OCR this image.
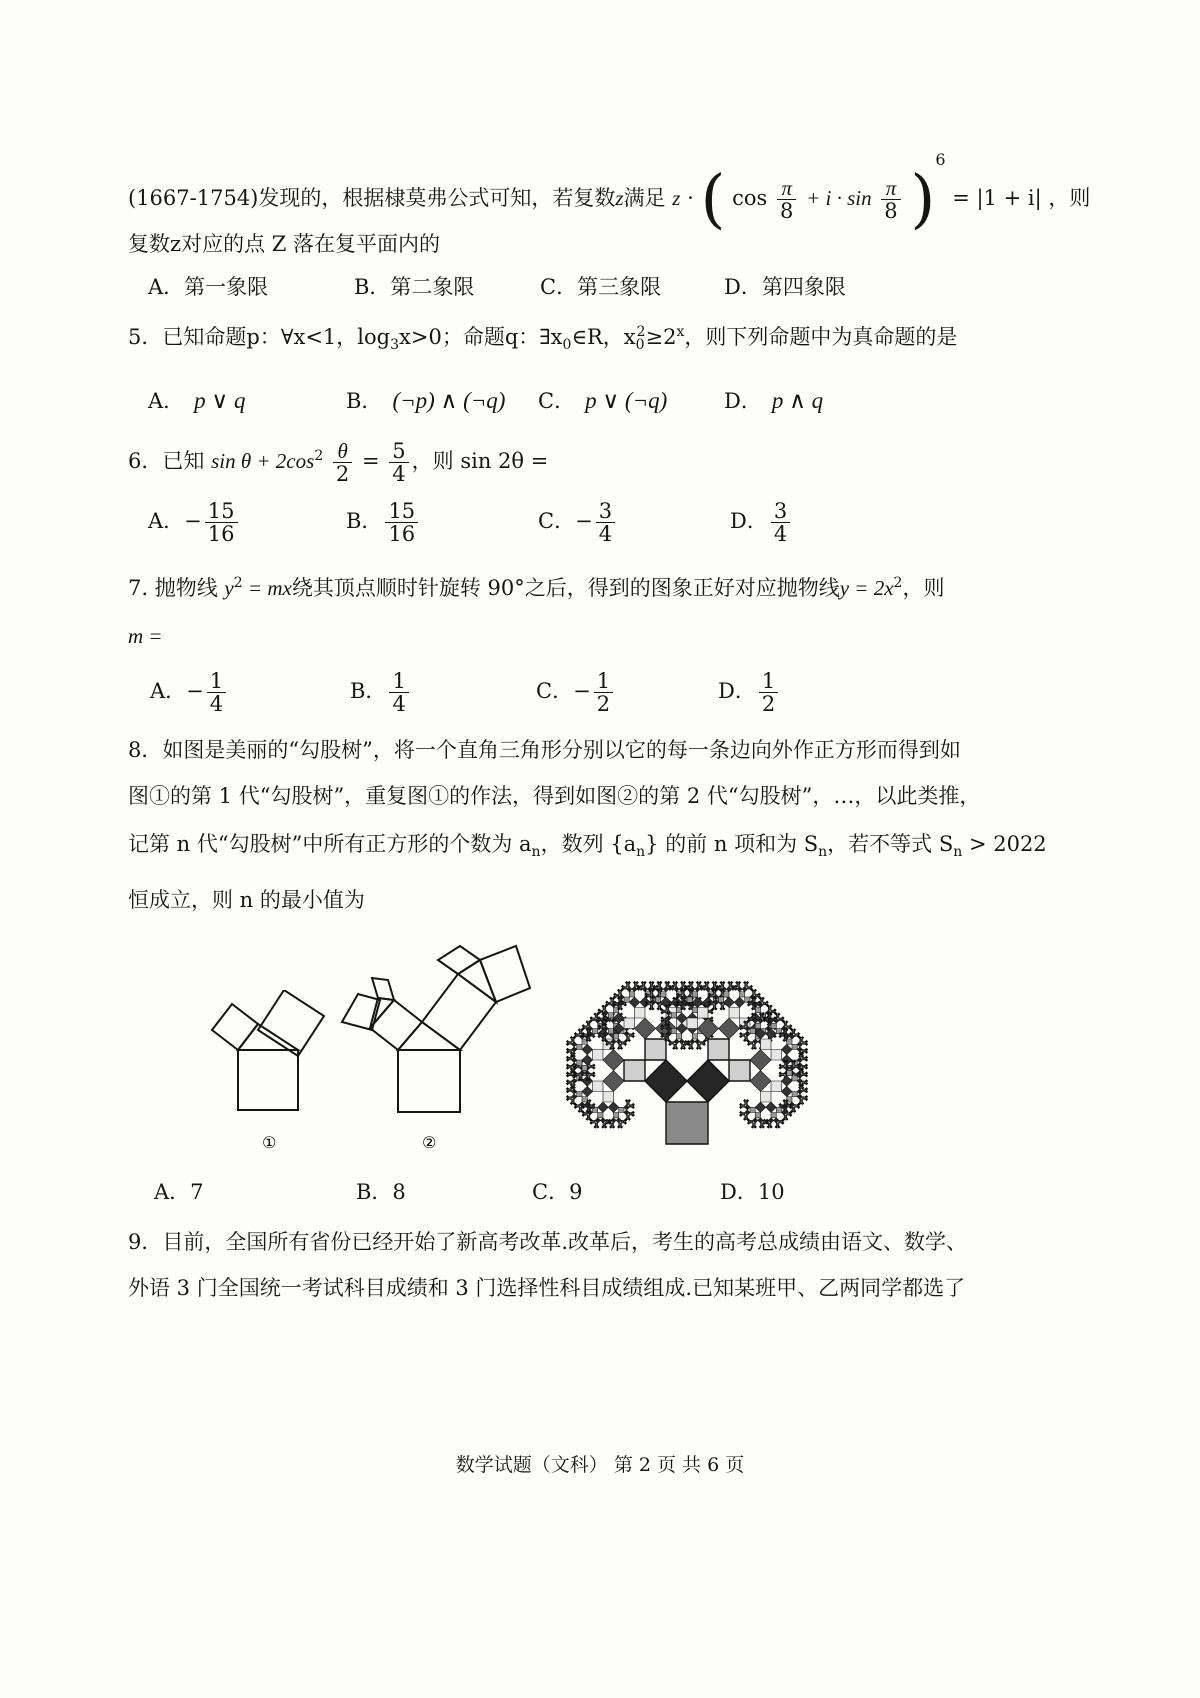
(1667-1754)发现的，根据棣莫弗公式可知，若复数z满足 z · ( $\cos \frac{\pi}{8} + i \cdot \sin \frac{\pi}{8} )^6 = |1 + i|$ ，则
复数z对应的点 Z 落在复平面内的
A．第一象限	B．第二象限	C．第三象限	D．第四象限
5．已知命题p：∀x<1，$\log_3x>0$；命题q：$\exists x_0\in R$，$x_0^2\ge 2^x$，则下列命题中为真命题的是
A． p ∨ q	B． (¬p) ∧ (¬q) C． p ∨ (¬q)	D． p ∧ q
6．已知 $\sin \theta + 2\cos^2 \frac{\theta}{2} = \frac{5}{4}$ ，则 sin 2θ =
A．− $\frac{15}{16}$	B． $\frac{15}{16}$	C．− $\frac{3}{4}$	D． $\frac{3}{4}$
7. 抛物线 $y^2$ = mx绕其顶点顺时针旋转 90°之后，得到的图象正好对应抛物线$y = 2x^2$，则
m =
A．− $\frac{1}{4}$	B． $\frac{1}{4}$	C．− $\frac{1}{2}$	D． $\frac{1}{2}$
8．如图是美丽的“勾股树”，将一个直角三角形分别以它的每一条边向外作正方形而得到如
图①的第 1 代“勾股树”，重复图①的作法，得到如图②的第 2 代“勾股树”，…，以此类推，
记第 n 代“勾股树”中所有正方形的个数为 $a_n$，数列 $\{a_n\}$ 的前 n 项和为 $S_n$，若不等式 $S_n > 2022$
恒成立，则 n 的最小值为
①	②
A．7	B．8	C．9	D．10
9．目前，全国所有省份已经开始了新高考改革.改革后，考生的高考总成绩由语文、数学、
外语 3 门全国统一考试科目成绩和 3 门选择性科目成绩组成.已知某班甲、乙两同学都选了
数学试题（文科） 第 2 页 共 6 页
